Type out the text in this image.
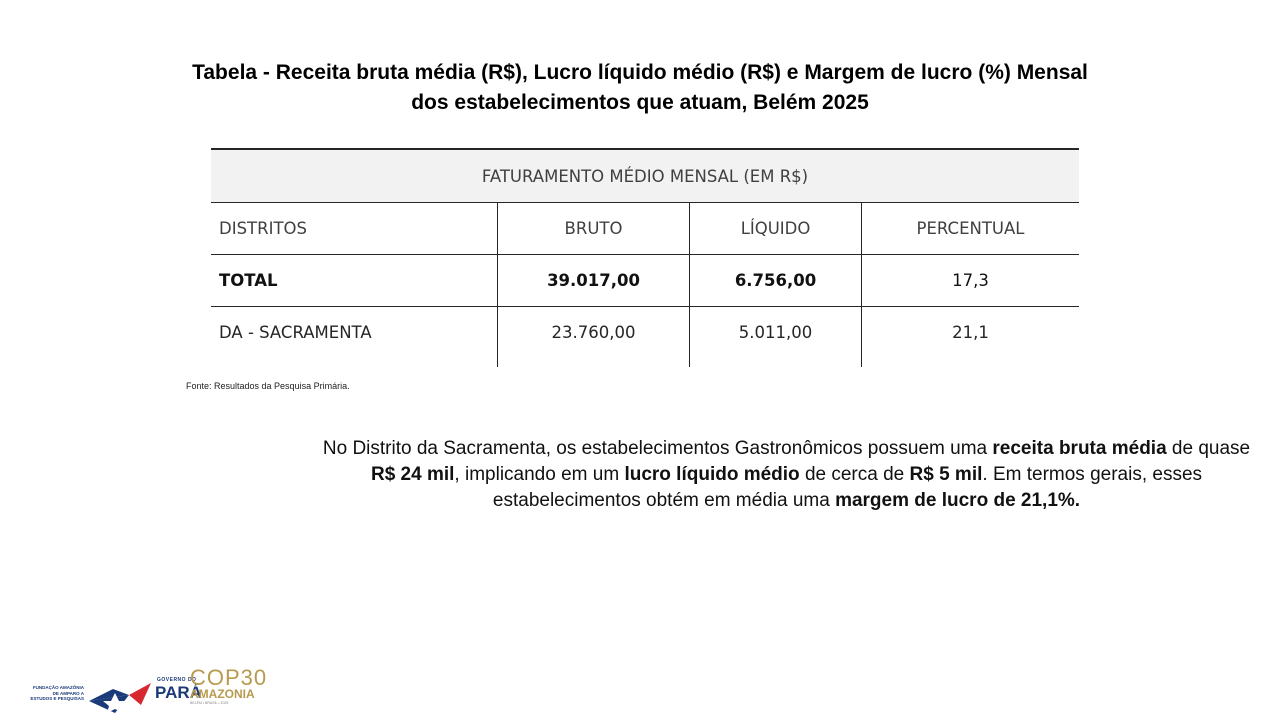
Tabela - Receita bruta média (R$), Lucro líquido médio (R$) e Margem de lucro (%) Mensal
dos estabelecimentos que atuam, Belém 2025
FATURAMENTO MÉDIO MENSAL (EM R$)			
DISTRITOS	BRUTO	LÍQUIDO	PERCENTUAL
TOTAL	39.017,00	6.756,00	17,3
DA - SACRAMENTA	23.760,00	5.011,00	21,1
Fonte: Resultados da Pesquisa Primária.
No Distrito da Sacramenta, os estabelecimentos Gastronômicos possuem uma receita bruta média de quase R$ 24 mil, implicando em um lucro líquido médio de cerca de R$ 5 mil. Em termos gerais, esses estabelecimentos obtém em média uma margem de lucro de 21,1%.
FUNDAÇÃO AMAZÔNIA DE AMPARO A ESTUDOS E PESQUISAS
GOVERNO DO
PARÁ
COP30
AMAZONIA
BELÉM • BRASIL • 2025
